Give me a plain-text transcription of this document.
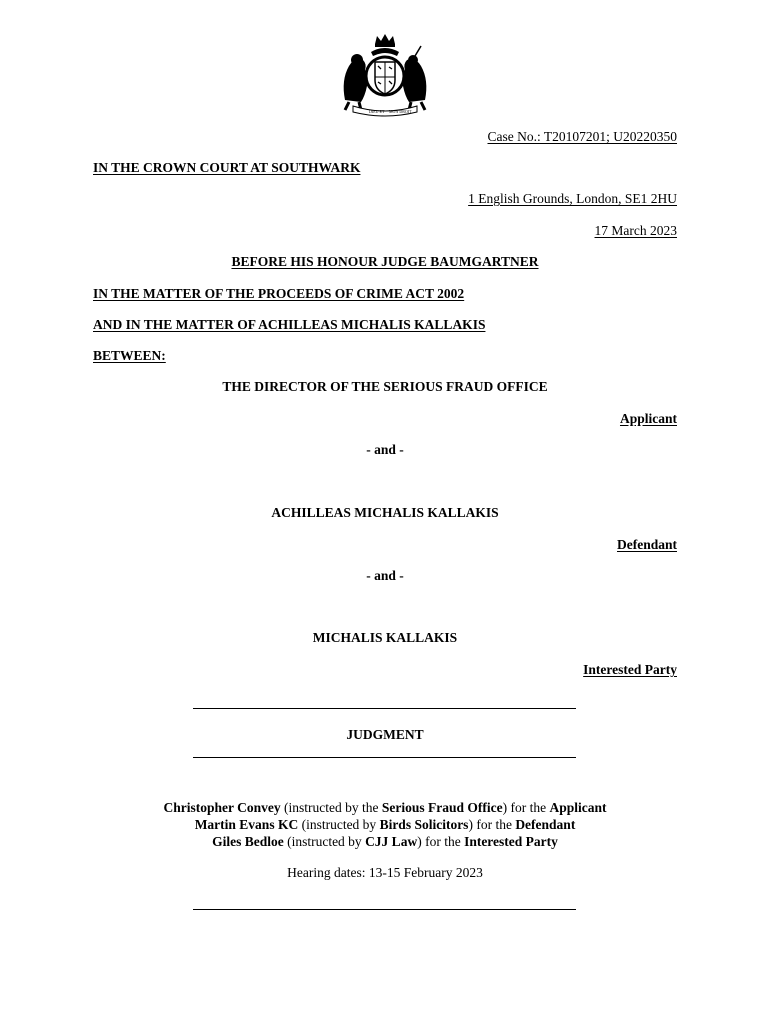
DIEU ET MON DROIT
Case No.: T20107201; U20220350
IN THE CROWN COURT AT SOUTHWARK
1 English Grounds, London, SE1 2HU
17 March 2023
BEFORE HIS HONOUR JUDGE BAUMGARTNER
IN THE MATTER OF THE PROCEEDS OF CRIME ACT 2002
AND IN THE MATTER OF ACHILLEAS MICHALIS KALLAKIS
BETWEEN:
THE DIRECTOR OF THE SERIOUS FRAUD OFFICE
Applicant
- and -
ACHILLEAS MICHALIS KALLAKIS
Defendant
- and -
MICHALIS KALLAKIS
Interested Party
JUDGMENT
Christopher Convey (instructed by the Serious Fraud Office) for the Applicant
Martin Evans KC (instructed by Birds Solicitors) for the Defendant
Giles Bedloe (instructed by CJJ Law) for the Interested Party
Hearing dates: 13-15 February 2023
